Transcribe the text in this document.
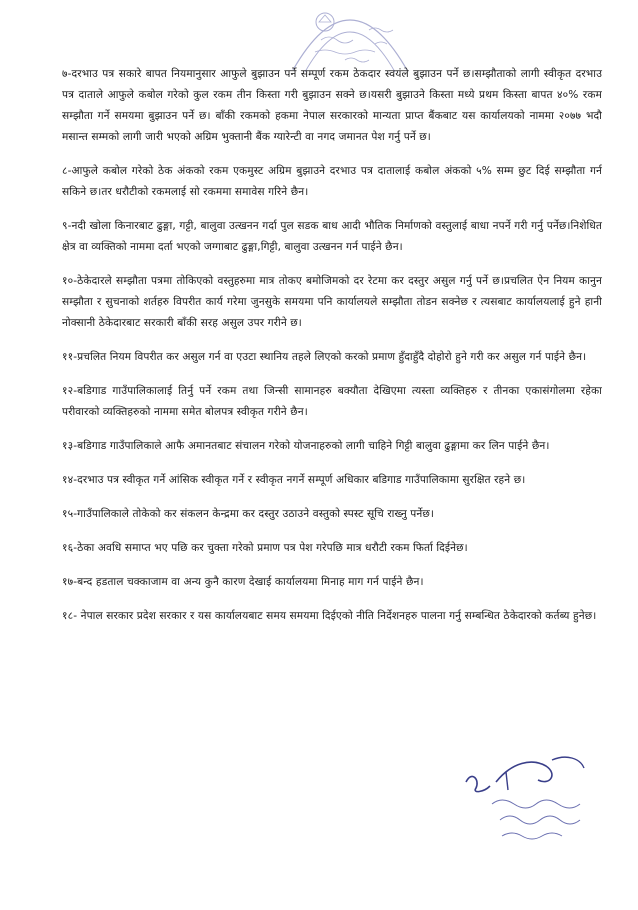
७-दरभाउ पत्र सकारे बापत नियमानुसार आफुले बुझाउन पर्ने सम्पूर्ण रकम ठेकदार स्वयंले बुझाउन पर्ने छ।सम्झौताको लागी स्वीकृत दरभाउ पत्र दाताले आफुले कबोल गरेको कुल रकम तीन किस्ता गरी बुझाउन सक्ने छ।यसरी बुझाउने किस्ता मध्ये प्रथम किस्ता बापत ४०% रकम सम्झौता गर्ने समयमा बुझाउन पर्ने छ। बाँकी रकमको हकमा नेपाल सरकारको मान्यता प्राप्त बैंकबाट यस कार्यालयको नाममा २०७७ भदौ मसान्त सम्मको लागी जारी भएको अग्रिम भुक्तानी बैंक ग्यारेन्टी वा नगद जमानत पेश गर्नु पर्ने छ।

८-आफुले कबोल गरेको ठेक अंकको रकम एकमुस्ट अग्रिम बुझाउने दरभाउ पत्र दातालाई कबोल अंकको ५% सम्म छुट दिई सम्झौता गर्न सकिने छ।तर धरौटीको रकमलाई सो रकममा समावेस गरिने छैन।

९-नदी खोला किनारबाट ढुङ्गा, गट्टी, बालुवा उत्खनन गर्दा पुल सडक बाध आदी भौतिक निर्माणको वस्तुलाई बाधा नपर्ने गरी गर्नु पर्नेछ।निशेधित क्षेत्र वा व्यक्तिको नाममा दर्ता भएको जग्गाबाट ढुङ्गा,गिट्टी, बालुवा उत्खनन गर्न पाईने छैन।

१०-ठेकेदारले सम्झौता पत्रमा तोकिएको वस्तुहरुमा मात्र तोकए बमोजिमको दर रेटमा कर दस्तुर असुल गर्नु पर्ने छ।प्रचलित ऐन नियम कानुन सम्झौता र सुचनाको शर्तहरु विपरीत कार्य गरेमा जुनसुके समयमा पनि कार्यालयले सम्झौता तोडन सक्नेछ र त्यसबाट कार्यालयलाई हुने हानी नोक्सानी ठेकेदारबाट सरकारी बाँकी सरह असुल उपर गरीने छ।

११-प्रचलित नियम विपरीत कर असुल गर्न वा एउटा स्थानिय तहले लिएको करको प्रमाण हुँदाहुँदै दोहोरो हुने गरी कर असुल गर्न पाईने छैन।

१२-बडिगाड गाउँपालिकालाई तिर्नु पर्ने रकम तथा जिन्सी सामानहरु बक्यौता देखिएमा त्यस्ता व्यक्तिहरु र तीनका एकासंगोलमा रहेका परीवारको व्यक्तिहरुको नाममा समेत बोलपत्र स्वीकृत गरीने छैन।

१३-बडिगाड गाउँपालिकाले आफै अमानतबाट संचालन गरेको योजनाहरुको लागी चाहिने गिट्टी बालुवा ढुङ्गामा कर लिन पाईने छैन।

१४-दरभाउ पत्र स्वीकृत गर्ने आंसिक स्वीकृत गर्ने र स्वीकृत नगर्ने सम्पूर्ण अधिकार बडिगाड गाउँपालिकामा सुरक्षित रहने छ।

१५-गाउँपालिकाले तोकेको कर संकलन केन्द्रमा कर दस्तुर उठाउने वस्तुको स्पस्ट सूचि राख्नु पर्नेछ।

१६-ठेका अवधि समाप्त भए पछि कर चुक्ता गरेको प्रमाण पत्र पेश गरेपछि मात्र धरौटी रकम फिर्ता दिईनेछ।

१७-बन्द हडताल चक्काजाम वा अन्य कुनै कारण देखाई कार्यालयमा मिनाह माग गर्न पाईने छैन।

१८- नेपाल सरकार प्रदेश सरकार र यस कार्यालयबाट समय समयमा दिईएको नीति निर्देशनहरु पालना गर्नु सम्बन्धित ठेकेदारको कर्तब्य हुनेछ।
